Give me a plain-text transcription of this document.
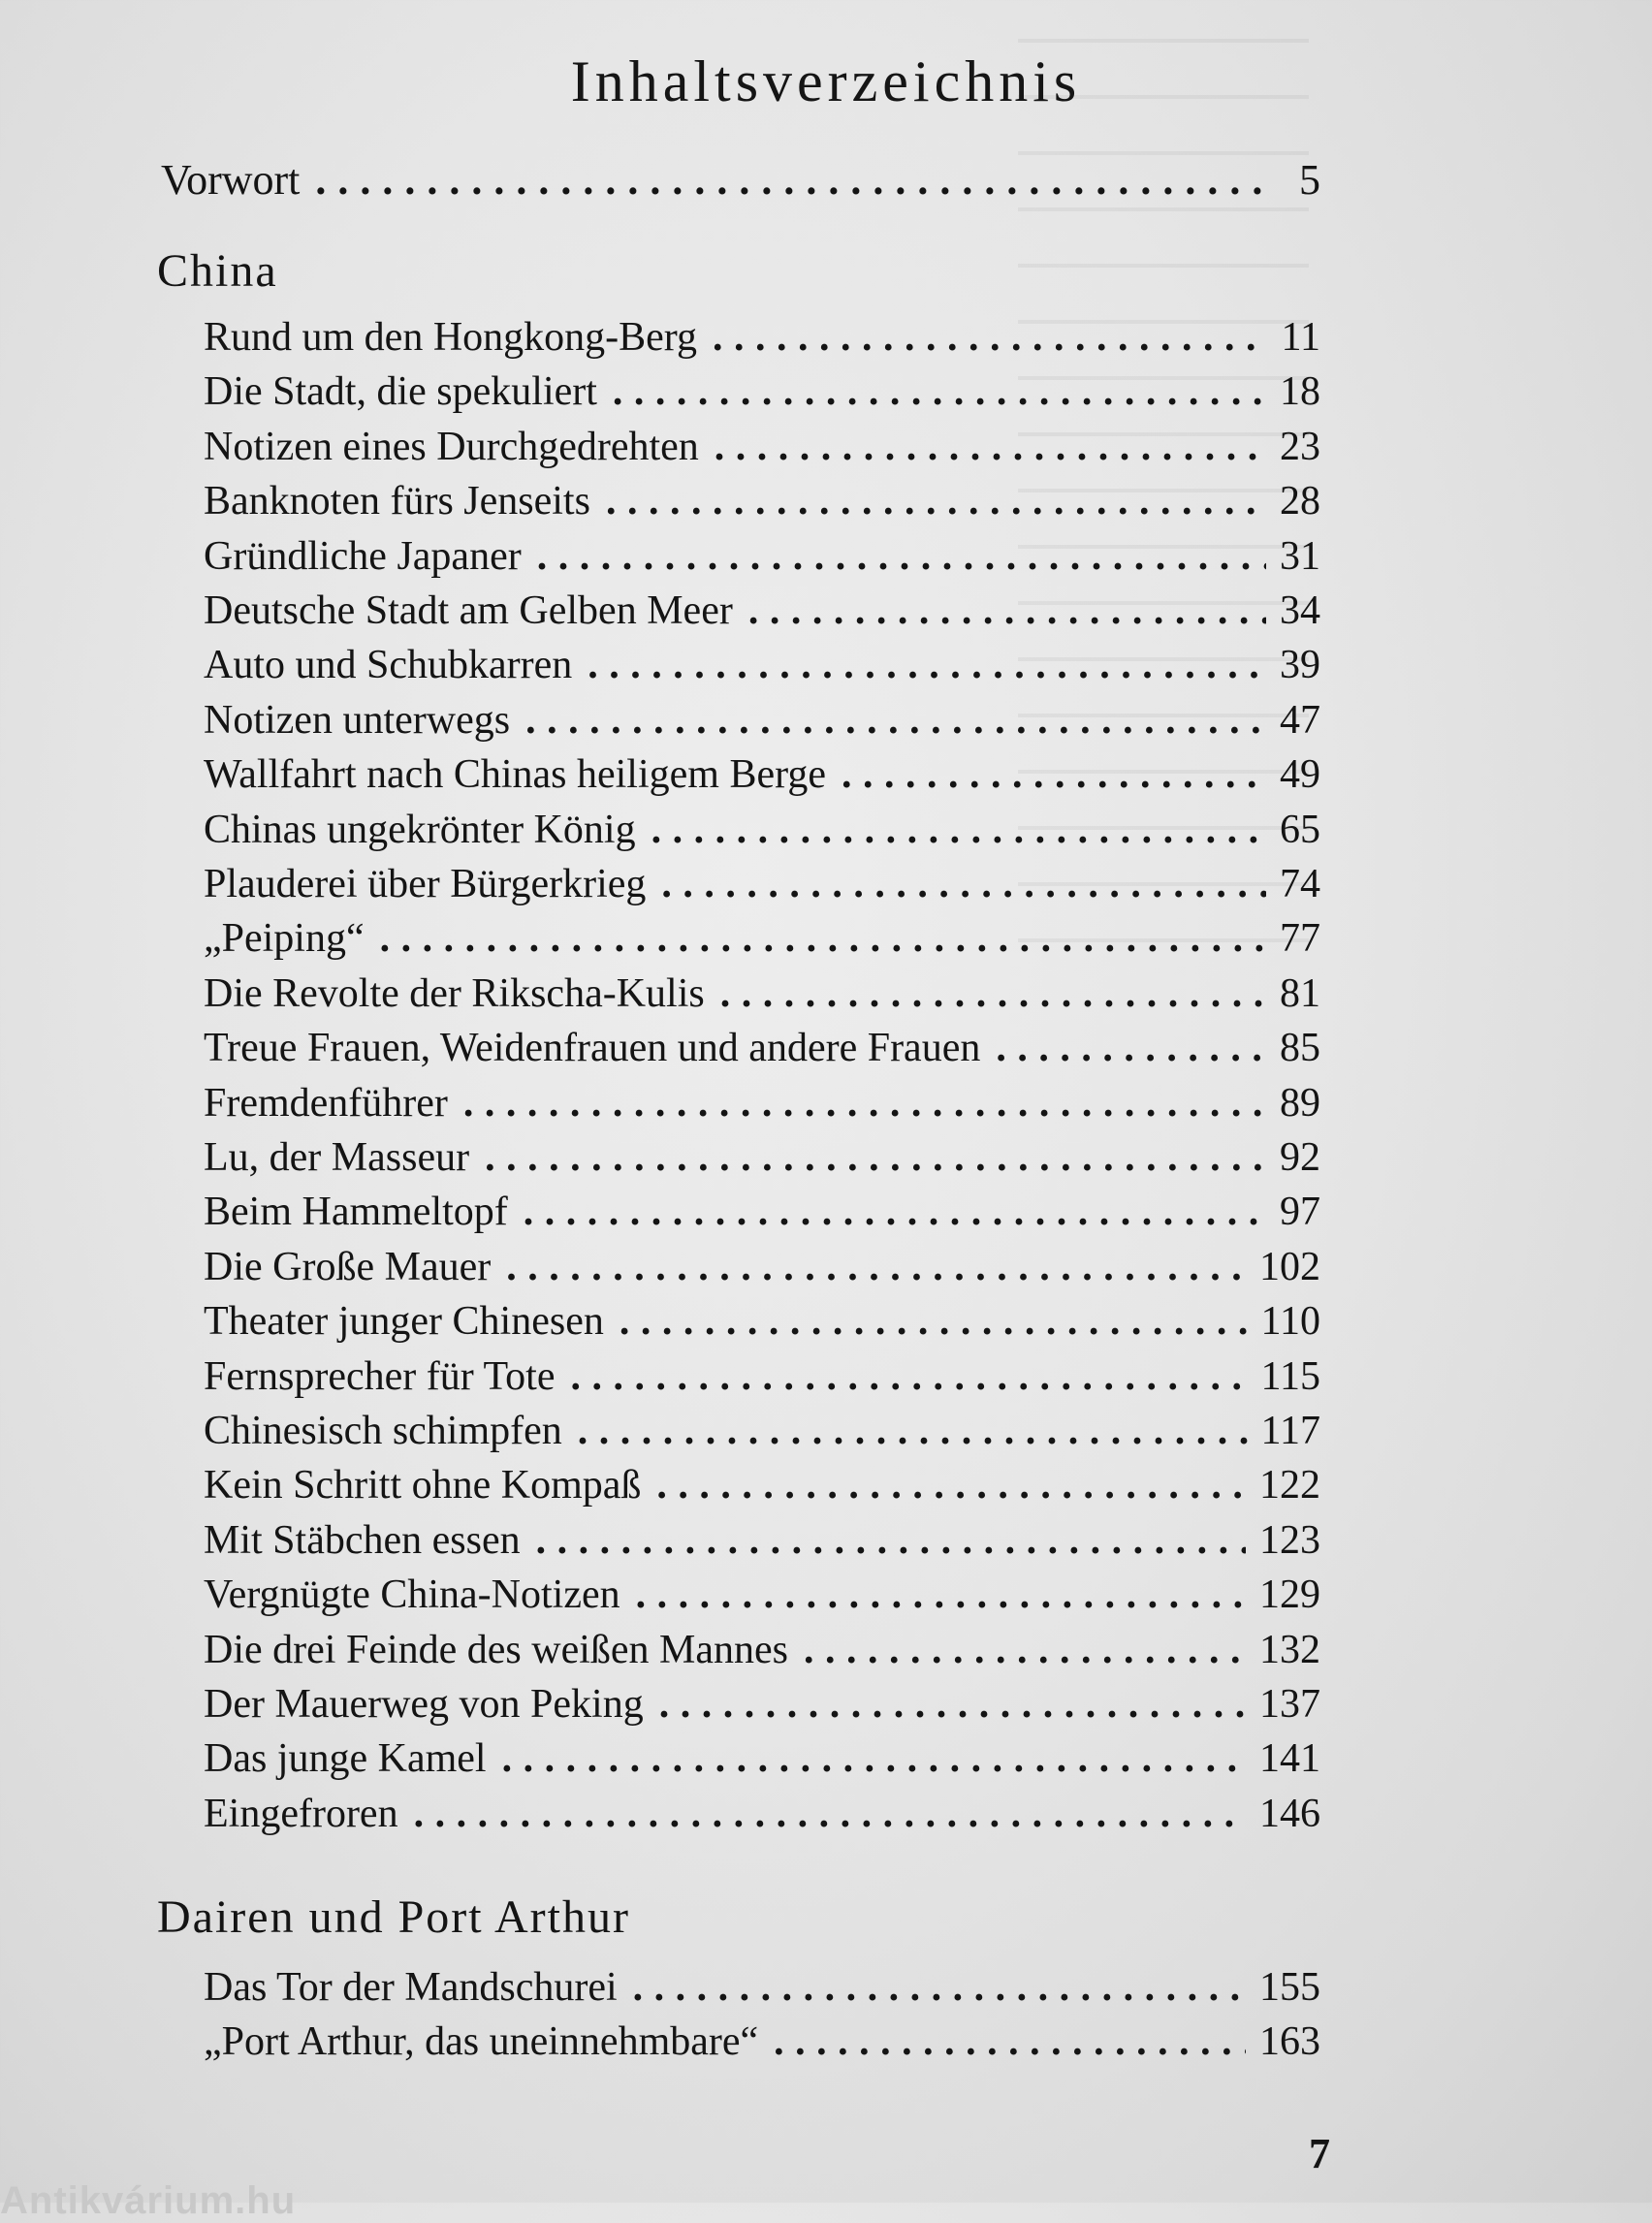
Inhaltsverzeichnis
Vorwort . . .	5
China
Rund um den Hongkong-Berg . . .	11
Die Stadt, die spekuliert . . .	18
Notizen eines Durchgedrehten . . .	23
Banknoten fürs Jenseits . . .	28
Gründliche Japaner . . .	31
Deutsche Stadt am Gelben Meer . . .	34
Auto und Schubkarren . . .	39
Notizen unterwegs . . .	47
Wallfahrt nach Chinas heiligem Berge . . .	49
Chinas ungekrönter König . . .	65
Plauderei über Bürgerkrieg . . .	74
„Peiping“ . . .	77
Die Revolte der Rikscha-Kulis . . .	81
Treue Frauen, Weidenfrauen und andere Frauen . . .	85
Fremdenführer . . .	89
Lu, der Masseur . . .	92
Beim Hammeltopf . . .	97
Die Große Mauer . . .	102
Theater junger Chinesen . . .	110
Fernsprecher für Tote . . .	115
Chinesisch schimpfen . . .	117
Kein Schritt ohne Kompaß . . .	122
Mit Stäbchen essen . . .	123
Vergnügte China-Notizen . . .	129
Die drei Feinde des weißen Mannes . . .	132
Der Mauerweg von Peking . . .	137
Das junge Kamel . . .	141
Eingefroren . . .	146
Dairen und Port Arthur
Das Tor der Mandschurei . . .	155
„Port Arthur, das uneinnehmbare“ . . .	163
7
Antikvárium.hu
